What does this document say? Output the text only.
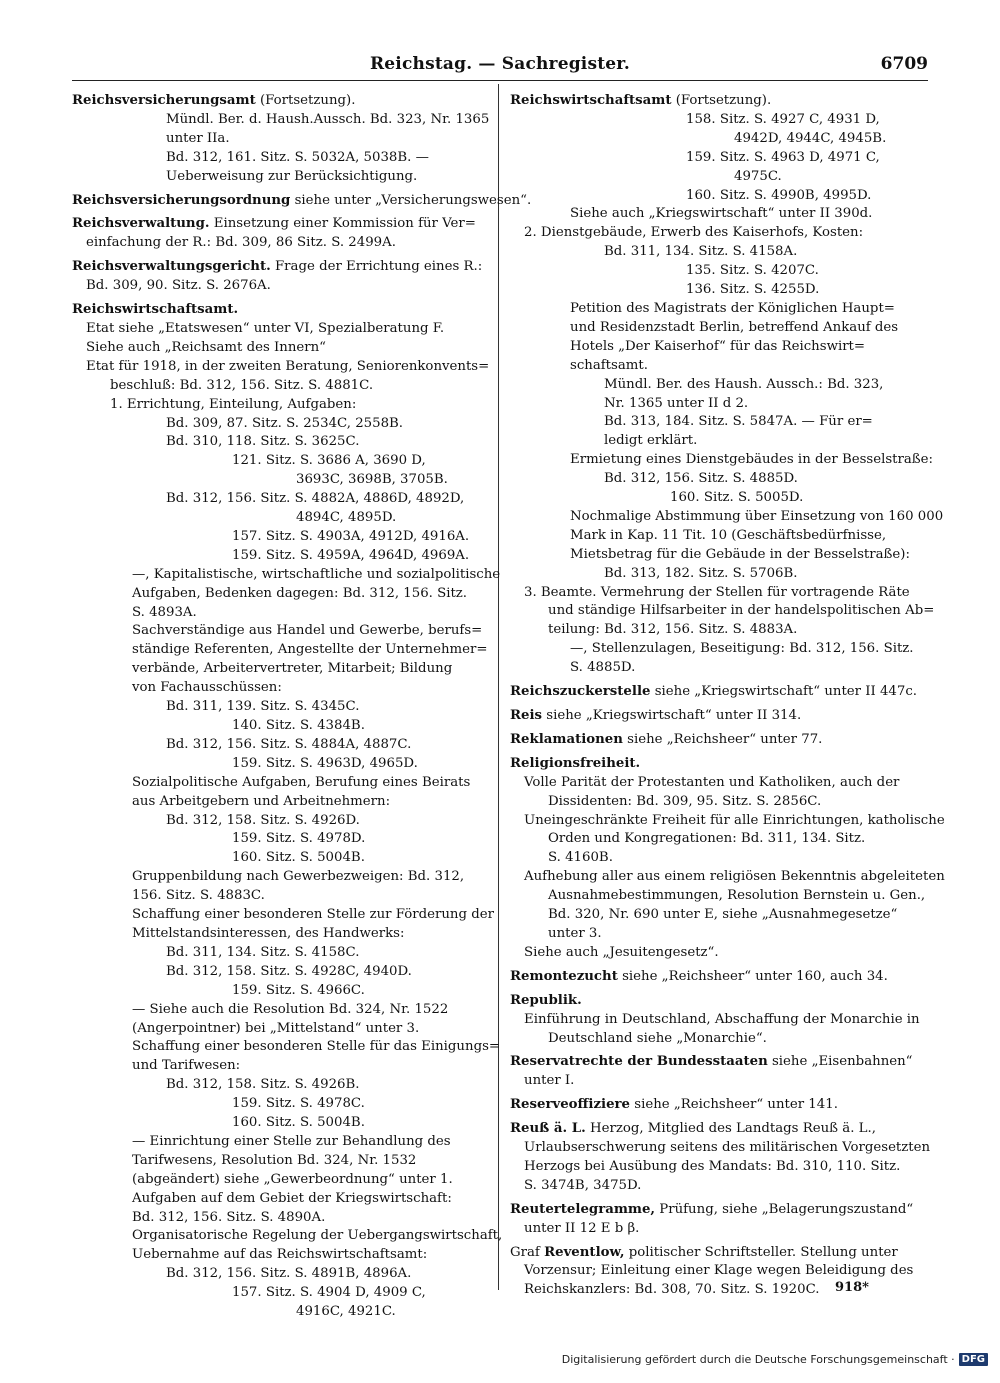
Reichstag. — Sachregister.	6709
Reichsversicherungsamt (Fortsetzung).
Mündl. Ber. d. Haush.Aussch. Bd. 323, Nr. 1365
unter IIa.
Bd. 312, 161. Sitz. S. 5032A, 5038B. —
Ueberweisung zur Berücksichtigung.
Reichsversicherungsordnung siehe unter „Versicherungswesen“.
Reichsverwaltung. Einsetzung einer Kommission für Ver=
einfachung der R.: Bd. 309, 86 Sitz. S. 2499A.
Reichsverwaltungsgericht. Frage der Errichtung eines R.:
Bd. 309, 90. Sitz. S. 2676A.
Reichswirtschaftsamt.
Etat siehe „Etatswesen“ unter VI, Spezialberatung F.
Siehe auch „Reichsamt des Innern“
Etat für 1918, in der zweiten Beratung, Seniorenkonvents=
beschluß: Bd. 312, 156. Sitz. S. 4881C.
1. Errichtung, Einteilung, Aufgaben:
Bd. 309, 87. Sitz. S. 2534C, 2558B.
Bd. 310, 118. Sitz. S. 3625C.
121. Sitz. S. 3686 A, 3690 D,
3693C, 3698B, 3705B.
Bd. 312, 156. Sitz. S. 4882A, 4886D, 4892D,
4894C, 4895D.
157. Sitz. S. 4903A, 4912D, 4916A.
159. Sitz. S. 4959A, 4964D, 4969A.
—, Kapitalistische, wirtschaftliche und sozialpolitische
Aufgaben, Bedenken dagegen: Bd. 312, 156. Sitz.
S. 4893A.
Sachverständige aus Handel und Gewerbe, berufs=
ständige Referenten, Angestellte der Unternehmer=
verbände, Arbeitervertreter, Mitarbeit; Bildung
von Fachausschüssen:
Bd. 311, 139. Sitz. S. 4345C.
140. Sitz. S. 4384B.
Bd. 312, 156. Sitz. S. 4884A, 4887C.
159. Sitz. S. 4963D, 4965D.
Sozialpolitische Aufgaben, Berufung eines Beirats
aus Arbeitgebern und Arbeitnehmern:
Bd. 312, 158. Sitz. S. 4926D.
159. Sitz. S. 4978D.
160. Sitz. S. 5004B.
Gruppenbildung nach Gewerbezweigen: Bd. 312,
156. Sitz. S. 4883C.
Schaffung einer besonderen Stelle zur Förderung der
Mittelstandsinteressen, des Handwerks:
Bd. 311, 134. Sitz. S. 4158C.
Bd. 312, 158. Sitz. S. 4928C, 4940D.
159. Sitz. S. 4966C.
— Siehe auch die Resolution Bd. 324, Nr. 1522
(Angerpointner) bei „Mittelstand“ unter 3.
Schaffung einer besonderen Stelle für das Einigungs=
und Tarifwesen:
Bd. 312, 158. Sitz. S. 4926B.
159. Sitz. S. 4978C.
160. Sitz. S. 5004B.
— Einrichtung einer Stelle zur Behandlung des
Tarifwesens, Resolution Bd. 324, Nr. 1532
(abgeändert) siehe „Gewerbeordnung“ unter 1.
Aufgaben auf dem Gebiet der Kriegswirtschaft:
Bd. 312, 156. Sitz. S. 4890A.
Organisatorische Regelung der Uebergangswirtschaft,
Uebernahme auf das Reichswirtschaftsamt:
Bd. 312, 156. Sitz. S. 4891B, 4896A.
157. Sitz. S. 4904 D, 4909 C,
4916C, 4921C.
Reichswirtschaftsamt (Fortsetzung).
158. Sitz. S. 4927 C, 4931 D,
4942D, 4944C, 4945B.
159. Sitz. S. 4963 D, 4971 C,
4975C.
160. Sitz. S. 4990B, 4995D.
Siehe auch „Kriegswirtschaft“ unter II 390d.
2. Dienstgebäude, Erwerb des Kaiserhofs, Kosten:
Bd. 311, 134. Sitz. S. 4158A.
135. Sitz. S. 4207C.
136. Sitz. S. 4255D.
Petition des Magistrats der Königlichen Haupt=
und Residenzstadt Berlin, betreffend Ankauf des
Hotels „Der Kaiserhof“ für das Reichswirt=
schaftsamt.
Mündl. Ber. des Haush. Aussch.: Bd. 323,
Nr. 1365 unter II d 2.
Bd. 313, 184. Sitz. S. 5847A. — Für er=
ledigt erklärt.
Ermietung eines Dienstgebäudes in der Besselstraße:
Bd. 312, 156. Sitz. S. 4885D.
160. Sitz. S. 5005D.
Nochmalige Abstimmung über Einsetzung von 160 000
Mark in Kap. 11 Tit. 10 (Geschäftsbedürfnisse,
Mietsbetrag für die Gebäude in der Besselstraße):
Bd. 313, 182. Sitz. S. 5706B.
3. Beamte. Vermehrung der Stellen für vortragende Räte
und ständige Hilfsarbeiter in der handelspolitischen Ab=
teilung: Bd. 312, 156. Sitz. S. 4883A.
—, Stellenzulagen, Beseitigung: Bd. 312, 156. Sitz.
S. 4885D.
Reichszuckerstelle siehe „Kriegswirtschaft“ unter II 447c.
Reis siehe „Kriegswirtschaft“ unter II 314.
Reklamationen siehe „Reichsheer“ unter 77.
Religionsfreiheit.
Volle Parität der Protestanten und Katholiken, auch der
Dissidenten: Bd. 309, 95. Sitz. S. 2856C.
Uneingeschränkte Freiheit für alle Einrichtungen, katholische
Orden und Kongregationen: Bd. 311, 134. Sitz.
S. 4160B.
Aufhebung aller aus einem religiösen Bekenntnis abgeleiteten
Ausnahmebestimmungen, Resolution Bernstein u. Gen.,
Bd. 320, Nr. 690 unter E, siehe „Ausnahmegesetze“
unter 3.
Siehe auch „Jesuitengesetz“.
Remontezucht siehe „Reichsheer“ unter 160, auch 34.
Republik.
Einführung in Deutschland, Abschaffung der Monarchie in
Deutschland siehe „Monarchie“.
Reservatrechte der Bundesstaaten siehe „Eisenbahnen“
unter I.
Reserveoffiziere siehe „Reichsheer“ unter 141.
Reuß ä. L. Herzog, Mitglied des Landtags Reuß ä. L.,
Urlaubserschwerung seitens des militärischen Vorgesetzten
Herzogs bei Ausübung des Mandats: Bd. 310, 110. Sitz.
S. 3474B, 3475D.
Reutertelegramme, Prüfung, siehe „Belagerungszustand“
unter II 12 E b β.
Graf Reventlow, politischer Schriftsteller. Stellung unter
Vorzensur; Einleitung einer Klage wegen Beleidigung des
Reichskanzlers: Bd. 308, 70. Sitz. S. 1920C.	918*
Digitalisierung gefördert durch die Deutsche Forschungsgemeinschaft · DFG
